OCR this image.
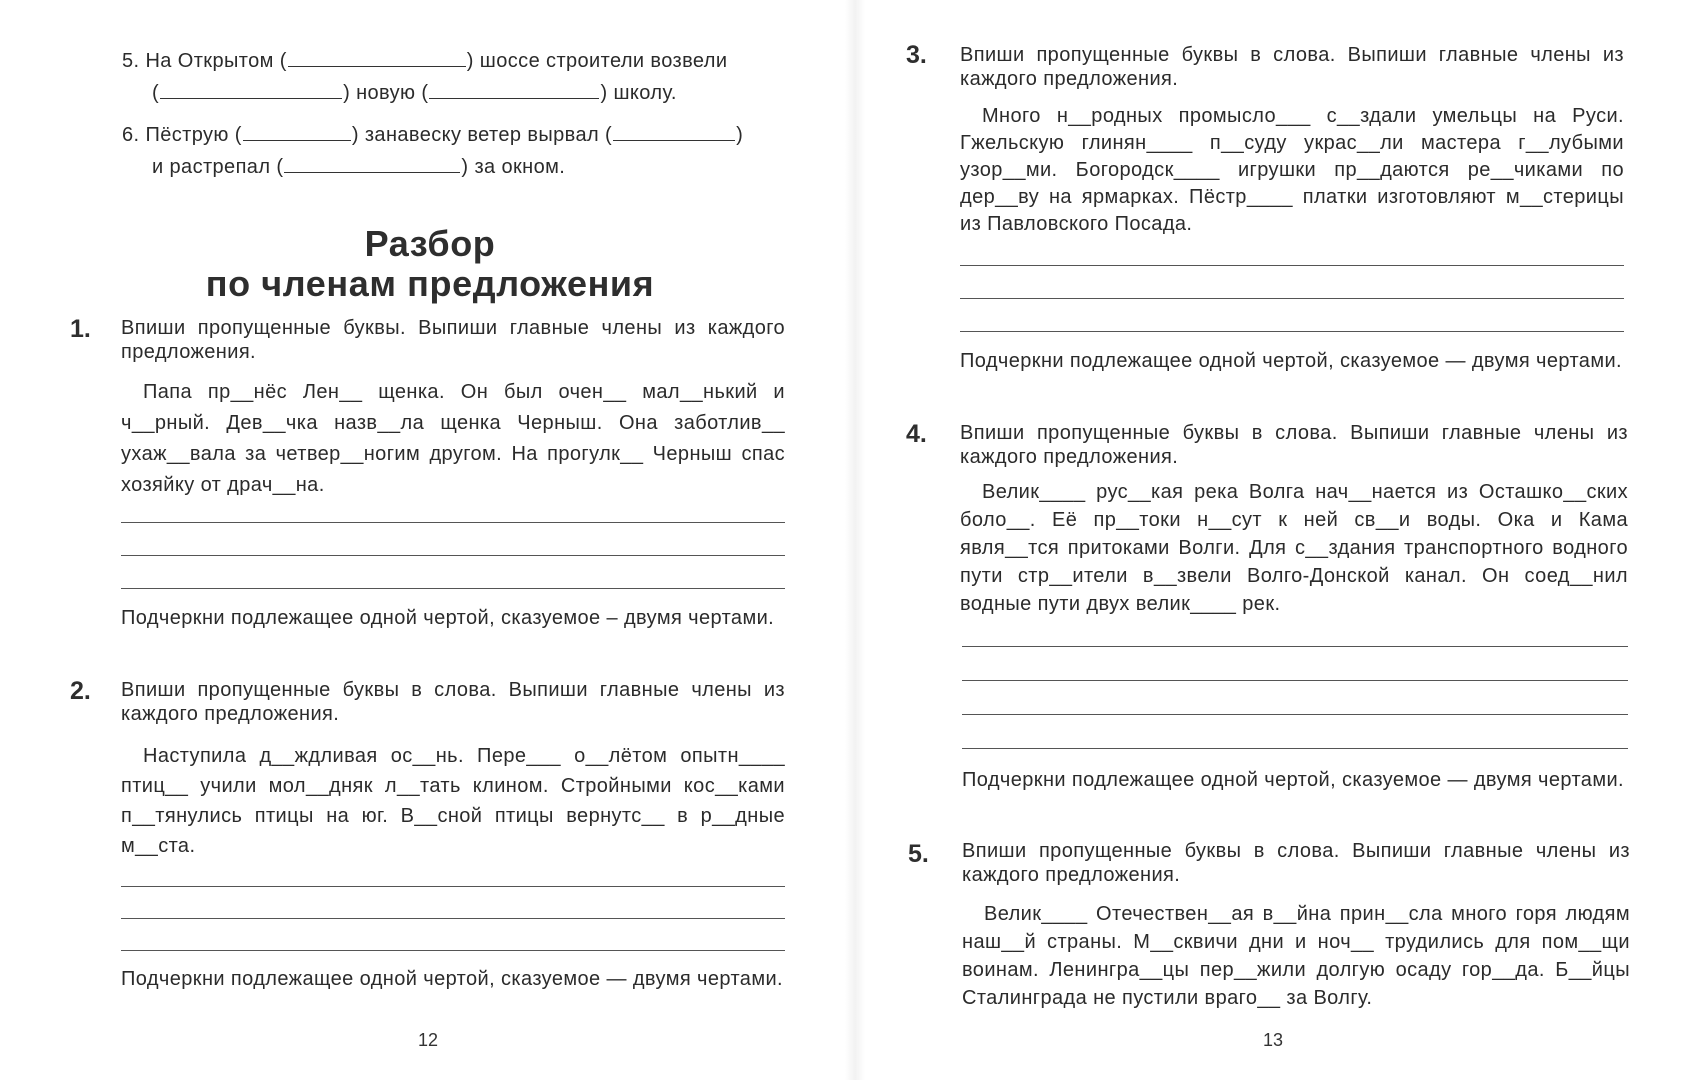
5. На Открытом (	) шоссе строители возвели
(	) новую (	) школу.
6. Пёструю (	) занавеску ветер вырвал (	)
и растрепал (	) за окном.
Разбор
по членам предложения
1. Впиши пропущенные буквы. Выпиши главные члены из каждого предложения.
Папа пр__нёс Лен__ щенка. Он был очен__ мал__нький и ч__рный. Дев__чка назв__ла щенка Черныш. Она заботлив__ ухаж__вала за четвер__ногим другом. На прогулк__ Черныш спас хозяйку от драч__на.
Подчеркни подлежащее одной чертой, сказуемое – двумя чертами.
2. Впиши пропущенные буквы в слова. Выпиши главные члены из каждого предложения.
Наступила д__ждливая ос__нь. Пере___ о__лётом опытн____ птиц__ учили мол__дняк л__тать клином. Стройными кос__ками п__тянулись птицы на юг. В__сной птицы вернутс__ в р__дные м__ста.
Подчеркни подлежащее одной чертой, сказуемое — двумя чертами.
12
3. Впиши пропущенные буквы в слова. Выпиши главные члены из каждого предложения.
Много н__родных промысло___ с__здали умельцы на Руси. Гжельскую глинян____ п__суду украс__ли мастера г__лубыми узор__ми. Богородск____ игрушки пр__даются ре__чиками по дер__ву на ярмарках. Пёстр____ платки изготовляют м__стерицы из Павловского Посада.
Подчеркни подлежащее одной чертой, сказуемое — двумя чертами.
4. Впиши пропущенные буквы в слова. Выпиши главные члены из каждого предложения.
Велик____ рус__кая река Волга нач__нается из Осташко__ских боло__. Её пр__токи н__сут к ней св__и воды. Ока и Кама явля__тся притоками Волги. Для с__здания транспортного водного пути стр__ители в__звели Волго-Донской канал. Он соед__нил водные пути двух велик____ рек.
Подчеркни подлежащее одной чертой, сказуемое — двумя чертами.
5. Впиши пропущенные буквы в слова. Выпиши главные члены из каждого предложения.
Велик____ Отечествен__ая в__йна прин__сла много горя людям наш__й страны. М__сквичи дни и ноч__ трудились для пом__щи воинам. Ленингра__цы пер__жили долгую осаду гор__да. Б__йцы Сталинграда не пустили враго__ за Волгу.
13
